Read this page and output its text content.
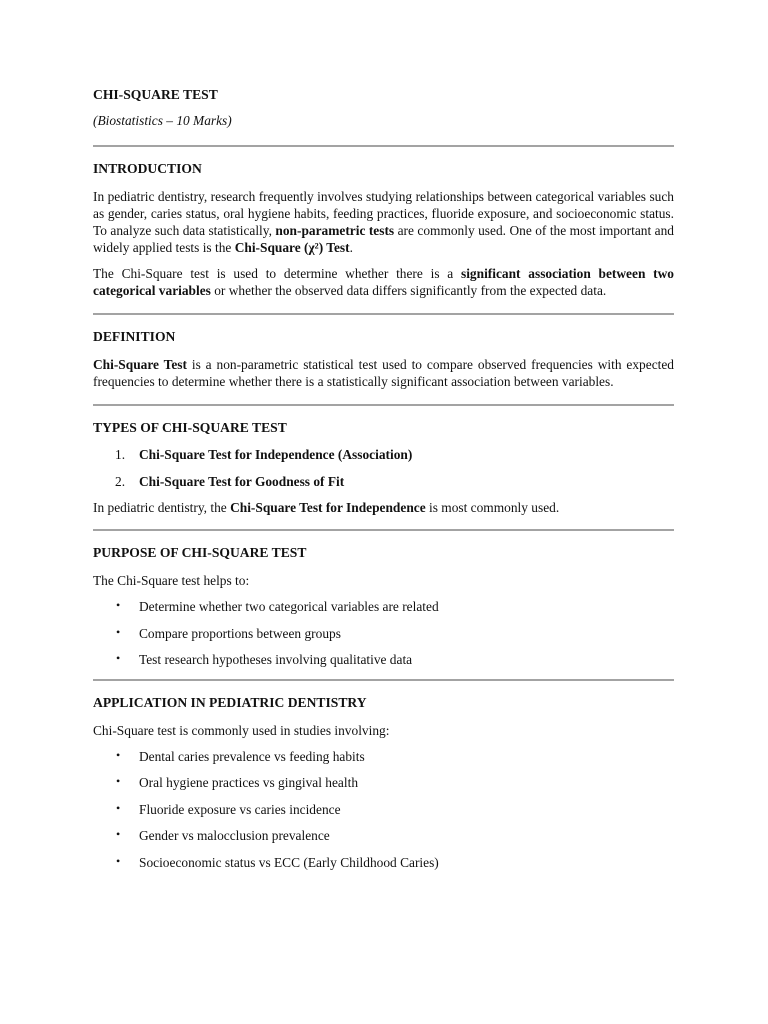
CHI-SQUARE TEST
(Biostatistics – 10 Marks)
INTRODUCTION

In pediatric dentistry, research frequently involves studying relationships between categorical variables such as gender, caries status, oral hygiene habits, feeding practices, fluoride exposure, and socioeconomic status. To analyze such data statistically, non-parametric tests are commonly used. One of the most important and widely applied tests is the Chi-Square (χ²) Test.

The Chi-Square test is used to determine whether there is a significant association between two categorical variables or whether the observed data differs significantly from the expected data.

DEFINITION

Chi-Square Test is a non-parametric statistical test used to compare observed frequencies with expected frequencies to determine whether there is a statistically significant association between variables.

TYPES OF CHI-SQUARE TEST
1. Chi-Square Test for Independence (Association)
2. Chi-Square Test for Goodness of Fit

In pediatric dentistry, the Chi-Square Test for Independence is most commonly used.

PURPOSE OF CHI-SQUARE TEST

The Chi-Square test helps to:

• Determine whether two categorical variables are related
• Compare proportions between groups
• Test research hypotheses involving qualitative data
APPLICATION IN PEDIATRIC DENTISTRY

Chi-Square test is commonly used in studies involving:

• Dental caries prevalence vs feeding habits
• Oral hygiene practices vs gingival health
• Fluoride exposure vs caries incidence
• Gender vs malocclusion prevalence
• Socioeconomic status vs ECC (Early Childhood Caries)
